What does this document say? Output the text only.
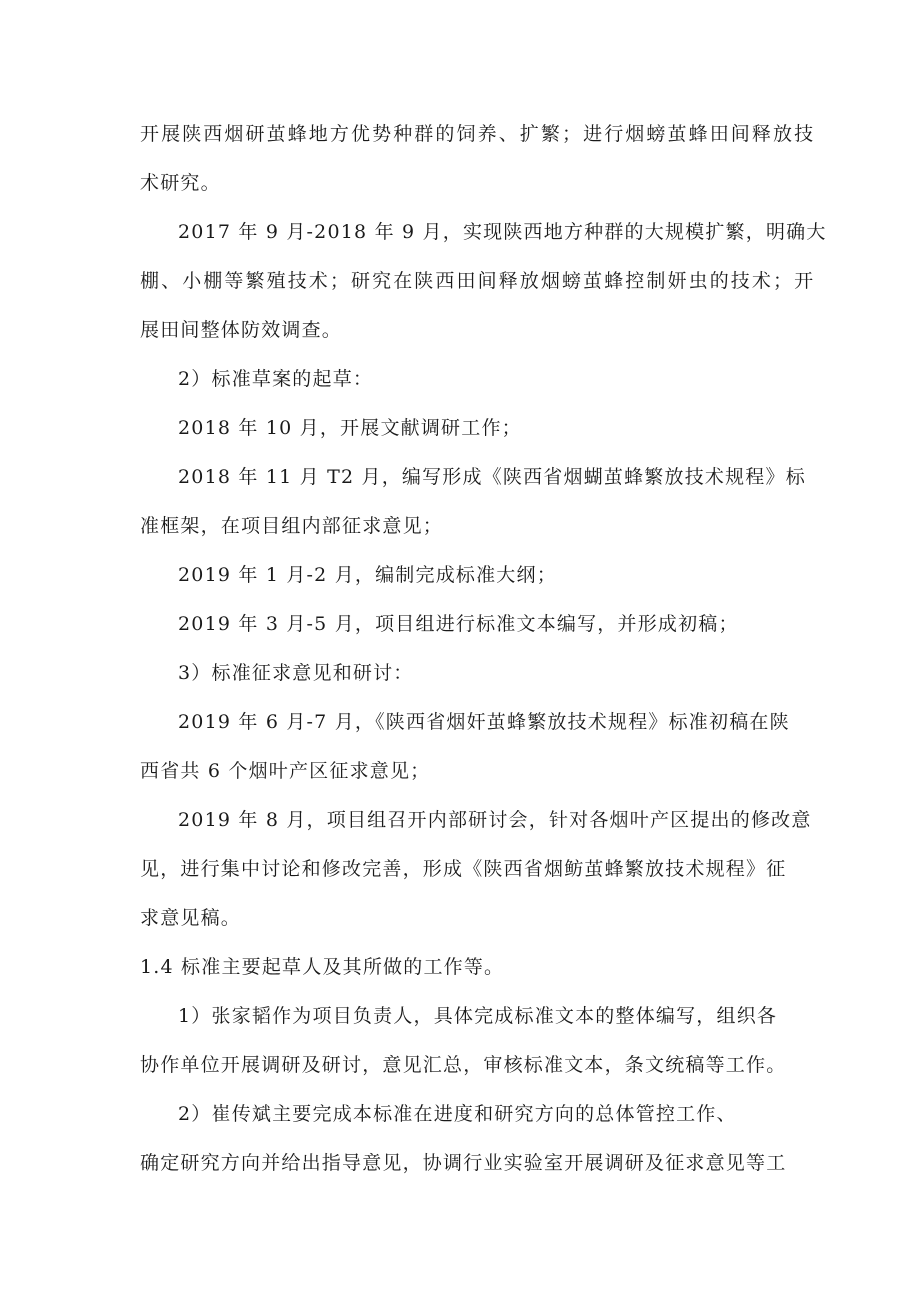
开展陕西烟研茧蜂地方优势种群的饲养、扩繁；进行烟螃茧蜂田间释放技
术研究。
2017 年 9 月-2018 年 9 月，实现陕西地方种群的大规模扩繁，明确大
棚、小棚等繁殖技术；研究在陕西田间释放烟螃茧蜂控制妍虫的技术；开
展田间整体防效调查。
2）标准草案的起草：
2018 年 10 月，开展文献调研工作；
2018 年 11 月 T2 月，编写形成《陕西省烟蝴茧蜂繁放技术规程》标
准框架，在项目组内部征求意见；
2019 年 1 月-2 月，编制完成标准大纲；
2019 年 3 月-5 月，项目组进行标准文本编写，并形成初稿；
3）标准征求意见和研讨：
2019 年 6 月-7 月，《陕西省烟奸茧蜂繁放技术规程》标准初稿在陕
西省共 6 个烟叶产区征求意见；
2019 年 8 月，项目组召开内部研讨会，针对各烟叶产区提出的修改意
见，进行集中讨论和修改完善，形成《陕西省烟鲂茧蜂繁放技术规程》征
求意见稿。
1.4 标准主要起草人及其所做的工作等。
1）张家韬作为项目负责人，具体完成标准文本的整体编写，组织各
协作单位开展调研及研讨，意见汇总，审核标准文本，条文统稿等工作。
2）崔传斌主要完成本标准在进度和研究方向的总体管控工作、
确定研究方向并给出指导意见，协调行业实验室开展调研及征求意见等工
